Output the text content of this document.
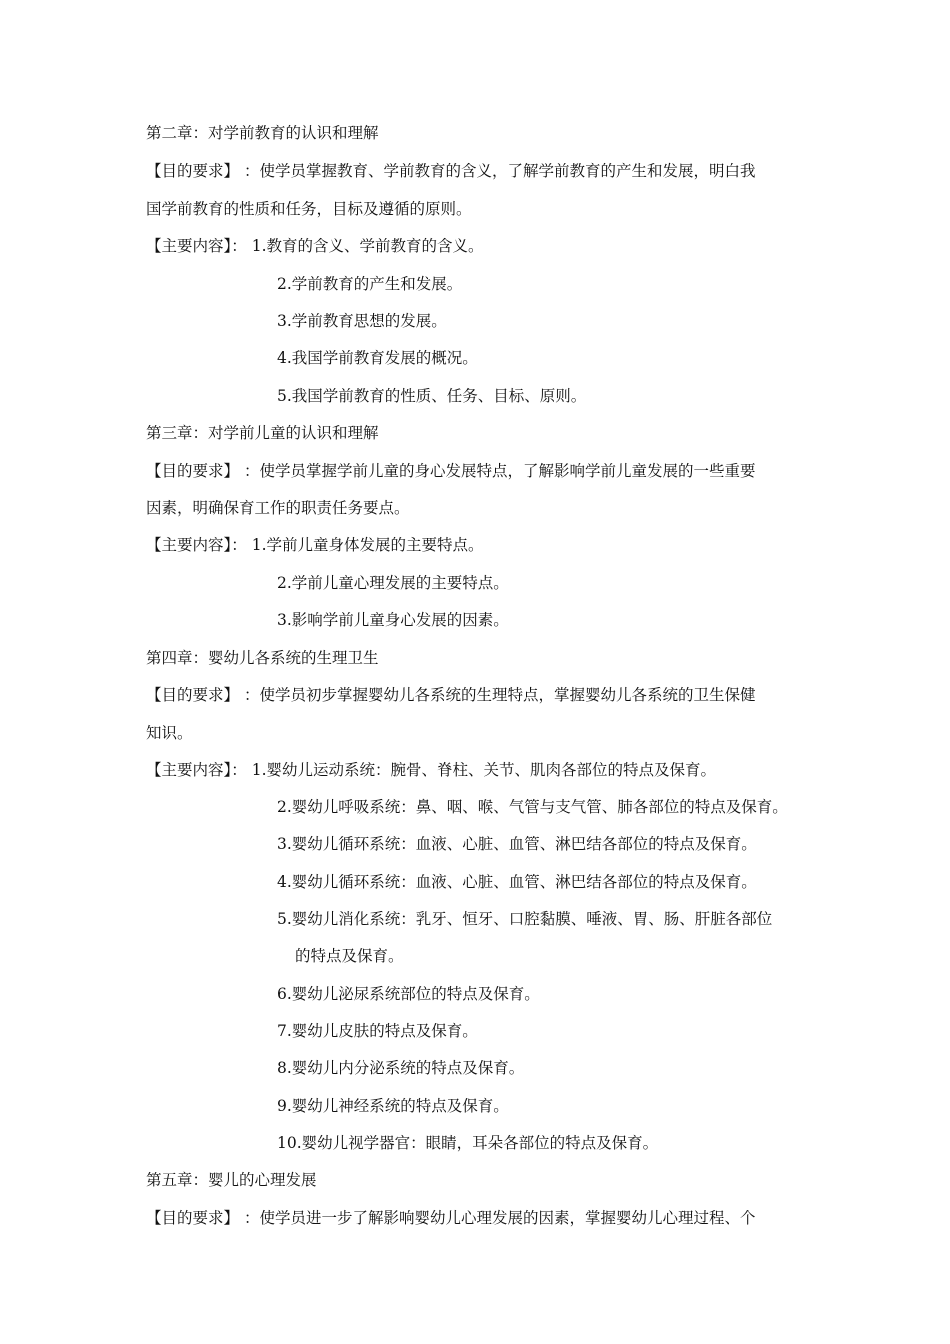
第二章：对学前教育的认识和理解
【目的要求】 ：使学员掌握教育、学前教育的含义，了解学前教育的产生和发展，明白我
国学前教育的性质和任务，目标及遵循的原则。
【主要内容】： 1.教育的含义、学前教育的含义。
2.学前教育的产生和发展。
3.学前教育思想的发展。
4.我国学前教育发展的概况。
5.我国学前教育的性质、任务、目标、原则。
第三章：对学前儿童的认识和理解
【目的要求】 ：使学员掌握学前儿童的身心发展特点，了解影响学前儿童发展的一些重要
因素，明确保育工作的职责任务要点。
【主要内容】： 1.学前儿童身体发展的主要特点。
2.学前儿童心理发展的主要特点。
3.影响学前儿童身心发展的因素。
第四章：婴幼儿各系统的生理卫生
【目的要求】 ：使学员初步掌握婴幼儿各系统的生理特点，掌握婴幼儿各系统的卫生保健
知识。
【主要内容】： 1.婴幼儿运动系统：腕骨、脊柱、关节、肌肉各部位的特点及保育。
2.婴幼儿呼吸系统：鼻、咽、喉、气管与支气管、肺各部位的特点及保育。
3.婴幼儿循环系统：血液、心脏、血管、淋巴结各部位的特点及保育。
4.婴幼儿循环系统：血液、心脏、血管、淋巴结各部位的特点及保育。
5.婴幼儿消化系统：乳牙、恒牙、口腔黏膜、唾液、胃、肠、肝脏各部位
的特点及保育。
6.婴幼儿泌尿系统部位的特点及保育。
7.婴幼儿皮肤的特点及保育。
8.婴幼儿内分泌系统的特点及保育。
9.婴幼儿神经系统的特点及保育。
10.婴幼儿视学器官：眼睛，耳朵各部位的特点及保育。
第五章：婴儿的心理发展
【目的要求】 ：使学员进一步了解影响婴幼儿心理发展的因素，掌握婴幼儿心理过程、个
